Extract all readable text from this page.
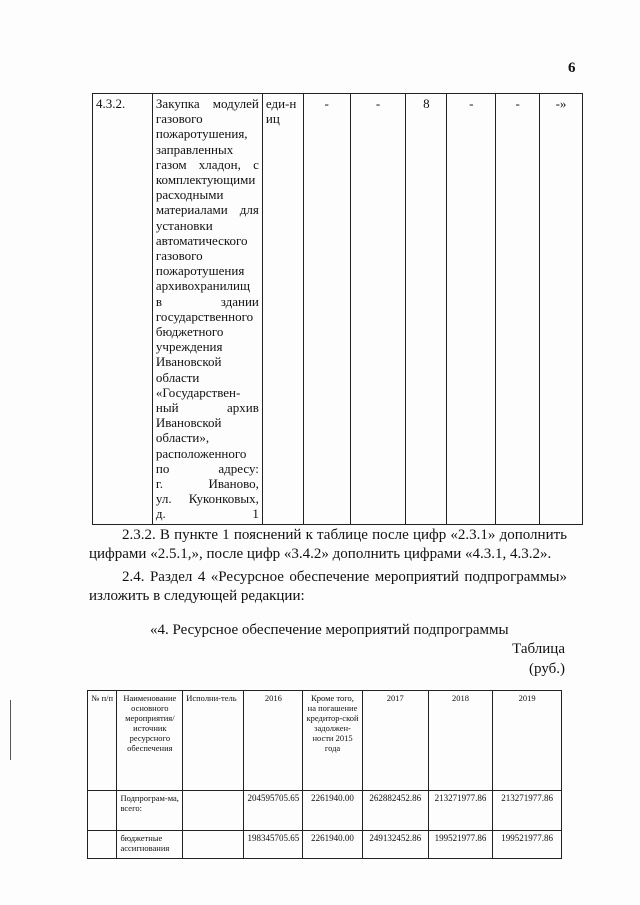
6
4.3.2.	Закупка модулей
газового
пожаротушения,
заправленных
газом хладон, с
комплектующими
расходными
материалами для
установки
автоматического
газового
пожаротушения
архивохранилищ
в здании
государственного
бюджетного
учреждения
Ивановской
области
«Государствен-
ный архив
Ивановской
области»,
расположенного
по адресу:
г. Иваново,
ул. Куконковых,
д. 1
	еди-ниц	-	-	8	-	-	-»
2.3.2. В пункте 1 пояснений к таблице после цифр «2.3.1» дополнить цифрами «2.5.1,», после цифр «3.4.2» дополнить цифрами «4.3.1, 4.3.2».
2.4. Раздел 4 «Ресурсное обеспечение мероприятий подпрограммы» изложить в следующей редакции:
«4. Ресурсное обеспечение мероприятий подпрограммы
Таблица
(руб.)
№ п/п	Наименование основного мероприятия/ источник ресурсного обеспечения	Исполни-тель	2016	Кроме того, на погашение кредитор-ской задолжен-ности 2015 года	2017	2018	2019
	Подпрограм-ма, всего:		204595705.65	2261940.00	262882452.86	213271977.86	213271977.86
	бюджетные ассигнования		198345705.65	2261940.00	249132452.86	199521977.86	199521977.86
